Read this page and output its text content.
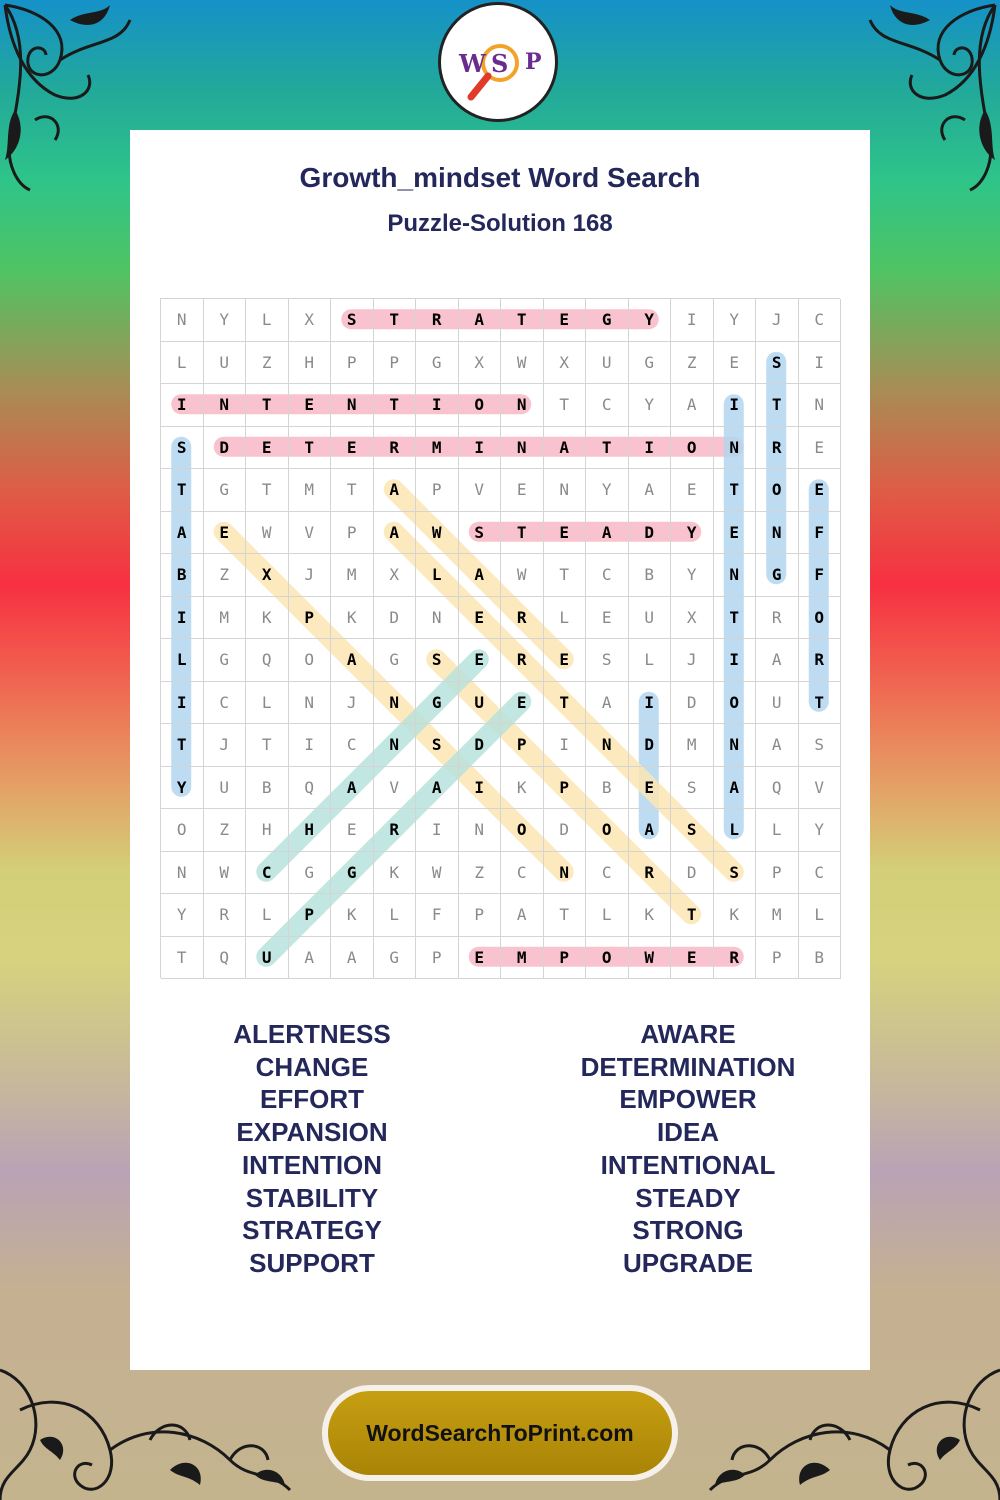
W S P
Growth_mindset Word Search
Puzzle-Solution 168
N	Y	L	X	S	T	R	A	T	E	G	Y	I	Y	J	C
L	U	Z	H	P	P	G	X	W	X	U	G	Z	E	S	I
I	N	T	E	N	T	I	O	N	T	C	Y	A	I	T	N
S	D	E	T	E	R	M	I	N	A	T	I	O	N	R	E
T	G	T	M	T	A	P	V	E	N	Y	A	E	T	O	E
A	E	W	V	P	A	W	S	T	E	A	D	Y	E	N	F
B	Z	X	J	M	X	L	A	W	T	C	B	Y	N	G	F
I	M	K	P	K	D	N	E	R	L	E	U	X	T	R	O
L	G	Q	O	A	G	S	E	R	E	S	L	J	I	A	R
I	C	L	N	J	N	G	U	E	T	A	I	D	O	U	T
T	J	T	I	C	N	S	D	P	I	N	D	M	N	A	S
Y	U	B	Q	A	V	A	I	K	P	B	E	S	A	Q	V
O	Z	H	H	E	R	I	N	O	D	O	A	S	L	L	Y
N	W	C	G	G	K	W	Z	C	N	C	R	D	S	P	C
Y	R	L	P	K	L	F	P	A	T	L	K	T	K	M	L
T	Q	U	A	A	G	P	E	M	P	O	W	E	R	P	B
ALERTNESS
CHANGE
EFFORT
EXPANSION
INTENTION
STABILITY
STRATEGY
SUPPORT
AWARE
DETERMINATION
EMPOWER
IDEA
INTENTIONAL
STEADY
STRONG
UPGRADE
WordSearchToPrint.com
